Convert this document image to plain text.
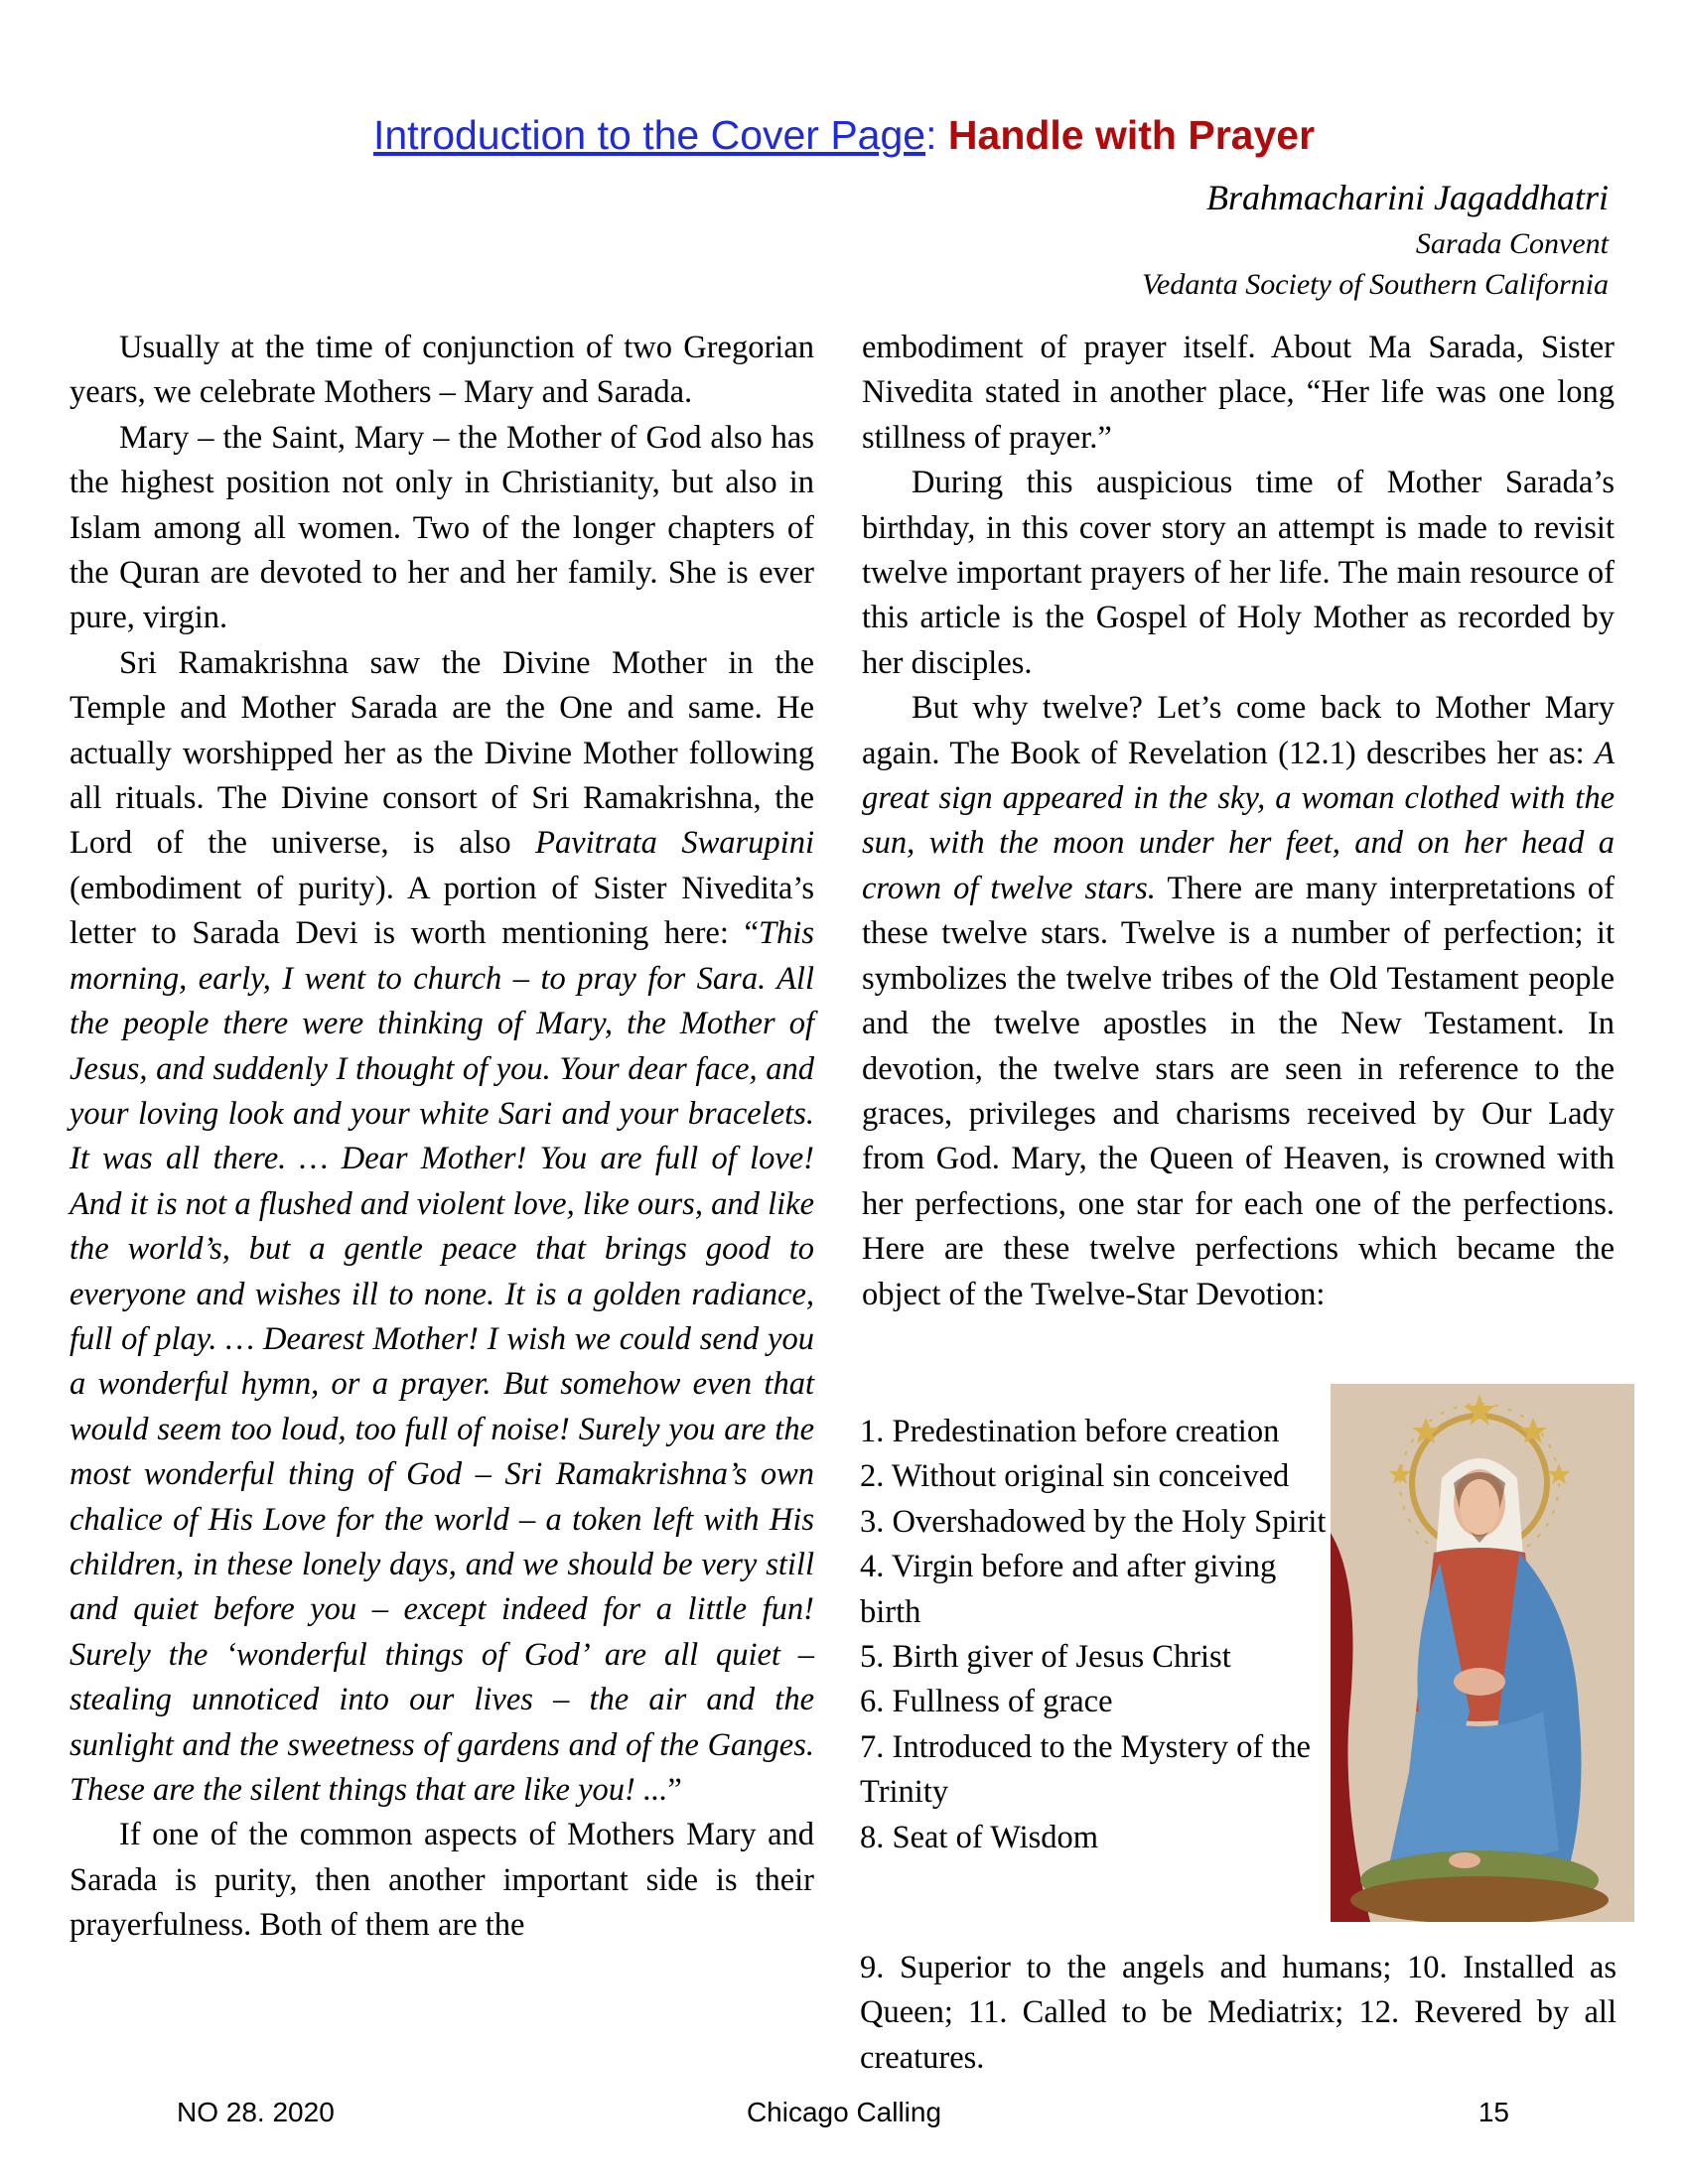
Introduction to the Cover Page: Handle with Prayer
Brahmacharini Jagaddhatri
Sarada Convent
Vedanta Society of Southern California

Usually at the time of conjunction of two Gregorian years, we celebrate Mothers – Mary and Sarada.

Mary – the Saint, Mary – the Mother of God also has the highest position not only in Christianity, but also in Islam among all women. Two of the longer chapters of the Quran are devoted to her and her family. She is ever pure, virgin.

Sri Ramakrishna saw the Divine Mother in the Temple and Mother Sarada are the One and same. He actually worshipped her as the Divine Mother following all rituals. The Divine consort of Sri Ramakrishna, the Lord of the universe, is also Pavitrata Swarupini (embodiment of purity). A portion of Sister Nivedita’s letter to Sarada Devi is worth mentioning here: “This morning, early, I went to church – to pray for Sara. All the people there were thinking of Mary, the Mother of Jesus, and suddenly I thought of you. Your dear face, and your loving look and your white Sari and your bracelets. It was all there. … Dear Mother! You are full of love! And it is not a flushed and violent love, like ours, and like the world’s, but a gentle peace that brings good to everyone and wishes ill to none. It is a golden radiance, full of play. … Dearest Mother! I wish we could send you a wonderful hymn, or a prayer. But somehow even that would seem too loud, too full of noise! Surely you are the most wonderful thing of God – Sri Ramakrishna’s own chalice of His Love for the world – a token left with His children, in these lonely days, and we should be very still and quiet before you – except indeed for a little fun! Surely the ‘wonderful things of God’ are all quiet – stealing unnoticed into our lives – the air and the sunlight and the sweetness of gardens and of the Ganges. These are the silent things that are like you! ...”

If one of the common aspects of Mothers Mary and Sarada is purity, then another important side is their prayerfulness. Both of them are the

embodiment of prayer itself. About Ma Sarada, Sister Nivedita stated in another place, “Her life was one long stillness of prayer.”

During this auspicious time of Mother Sarada’s birthday, in this cover story an attempt is made to revisit twelve important prayers of her life. The main resource of this article is the Gospel of Holy Mother as recorded by her disciples.

But why twelve? Let’s come back to Mother Mary again. The Book of Revelation (12.1) describes her as: A great sign appeared in the sky, a woman clothed with the sun, with the moon under her feet, and on her head a crown of twelve stars. There are many interpretations of these twelve stars. Twelve is a number of perfection; it symbolizes the twelve tribes of the Old Testament people and the twelve apostles in the New Testament. In devotion, the twelve stars are seen in reference to the graces, privileges and charisms received by Our Lady from God. Mary, the Queen of Heaven, is crowned with her perfections, one star for each one of the perfections. Here are these twelve perfections which became the object of the Twelve-Star Devotion:

1. Predestination before creation
2. Without original sin conceived
3. Overshadowed by the Holy Spirit
4. Virgin before and after giving birth
5. Birth giver of Jesus Christ
6. Fullness of grace
7. Introduced to the Mystery of the Trinity
8. Seat of Wisdom
9. Superior to the angels and humans; 10. Installed as Queen; 11. Called to be Mediatrix; 12. Revered by all creatures.
NO 28. 2020	Chicago Calling	15
